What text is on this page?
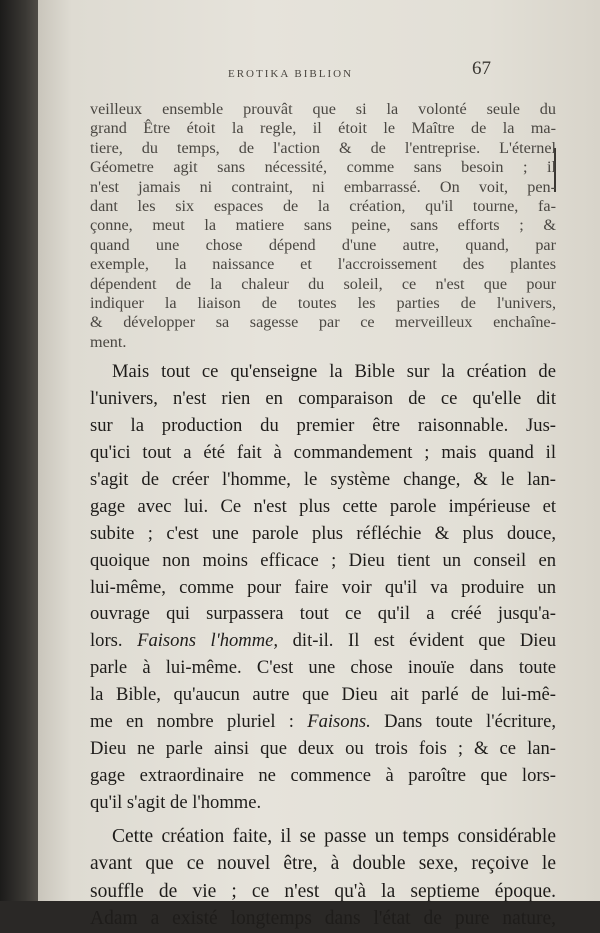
EROTIKA BIBLION	67

veilleux ensemble prouvât que si la volonté seule du
grand Être étoit la regle, il étoit le Maître de la ma-
tiere, du temps, de l'action & de l'entreprise. L'éternel
Géometre agit sans nécessité, comme sans besoin ; il
n'est jamais ni contraint, ni embarrassé. On voit, pen-
dant les six espaces de la création, qu'il tourne, fa-
çonne, meut la matiere sans peine, sans efforts ; &
quand une chose dépend d'une autre, quand, par
exemple, la naissance et l'accroissement des plantes
dépendent de la chaleur du soleil, ce n'est que pour
indiquer la liaison de toutes les parties de l'univers,
& développer sa sagesse par ce merveilleux enchaîne-
ment.

Mais tout ce qu'enseigne la Bible sur la création de
l'univers, n'est rien en comparaison de ce qu'elle dit
sur la production du premier être raisonnable. Jus-
qu'ici tout a été fait à commandement ; mais quand il
s'agit de créer l'homme, le système change, & le lan-
gage avec lui. Ce n'est plus cette parole impérieuse et
subite ; c'est une parole plus réfléchie & plus douce,
quoique non moins efficace ; Dieu tient un conseil en
lui-même, comme pour faire voir qu'il va produire un
ouvrage qui surpassera tout ce qu'il a créé jusqu'a-
lors. Faisons l'homme, dit-il. Il est évident que Dieu
parle à lui-même. C'est une chose inouïe dans toute
la Bible, qu'aucun autre que Dieu ait parlé de lui-mê-
me en nombre pluriel : Faisons. Dans toute l'écriture,
Dieu ne parle ainsi que deux ou trois fois ; & ce lan-
gage extraordinaire ne commence à paroître que lors-
qu'il s'agit de l'homme.
Cette création faite, il se passe un temps considérable
avant que ce nouvel être, à double sexe, reçoive le
souffle de vie ; ce n'est qu'à la septieme époque.
Adam a existé longtemps dans l'état de pure nature,
